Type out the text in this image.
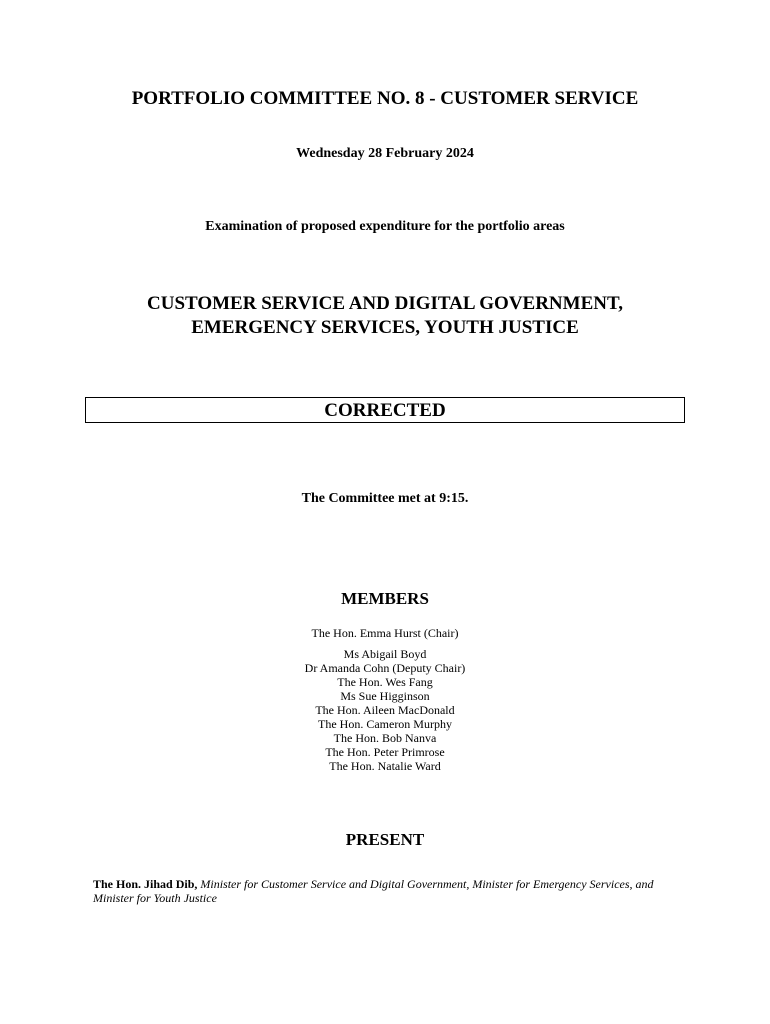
PORTFOLIO COMMITTEE NO. 8 - CUSTOMER SERVICE
Wednesday 28 February 2024
Examination of proposed expenditure for the portfolio areas
CUSTOMER SERVICE AND DIGITAL GOVERNMENT,
EMERGENCY SERVICES, YOUTH JUSTICE
CORRECTED
The Committee met at 9:15.
MEMBERS
The Hon. Emma Hurst (Chair)
Ms Abigail Boyd
Dr Amanda Cohn (Deputy Chair)
The Hon. Wes Fang
Ms Sue Higginson
The Hon. Aileen MacDonald
The Hon. Cameron Murphy
The Hon. Bob Nanva
The Hon. Peter Primrose
The Hon. Natalie Ward
PRESENT
The Hon. Jihad Dib, Minister for Customer Service and Digital Government, Minister for Emergency Services, and Minister for Youth Justice
